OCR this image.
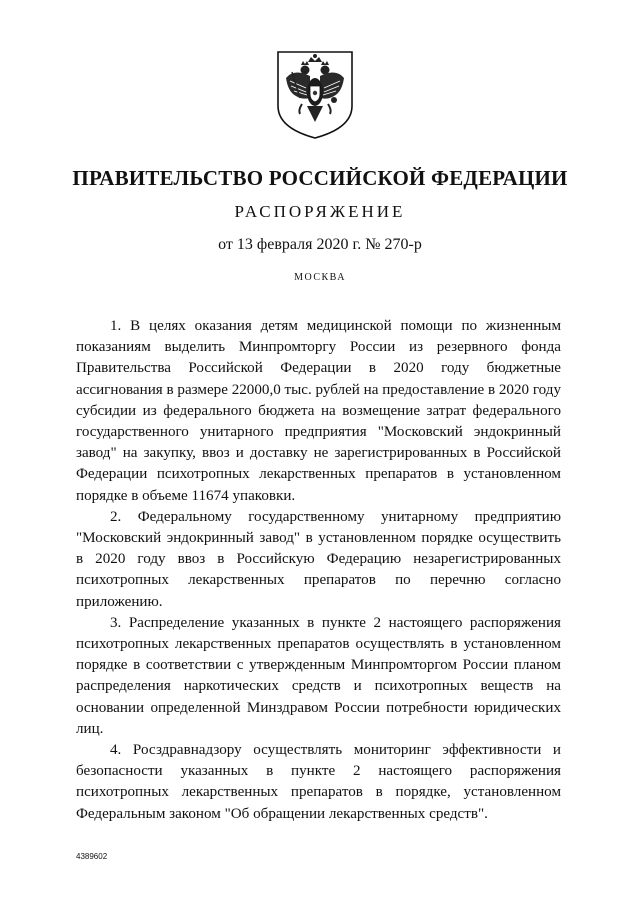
ПРАВИТЕЛЬСТВО РОССИЙСКОЙ ФЕДЕРАЦИИ
РАСПОРЯЖЕНИЕ
от 13 февраля 2020 г. № 270-р
МОСКВА

1. В целях оказания детям медицинской помощи по жизненным показаниям выделить Минпромторгу России из резервного фонда Правительства Российской Федерации в 2020 году бюджетные ассигнования в размере 22000,0 тыс. рублей на предоставление в 2020 году субсидии из федерального бюджета на возмещение затрат федерального государственного унитарного предприятия "Московский эндокринный завод" на закупку, ввоз и доставку не зарегистрированных в Российской Федерации психотропных лекарственных препаратов в установленном порядке в объеме 11674 упаковки.

2. Федеральному государственному унитарному предприятию "Московский эндокринный завод" в установленном порядке осуществить в 2020 году ввоз в Российскую Федерацию незарегистрированных психотропных лекарственных препаратов по перечню согласно приложению.

3. Распределение указанных в пункте 2 настоящего распоряжения психотропных лекарственных препаратов осуществлять в установленном порядке в соответствии с утвержденным Минпромторгом России планом распределения наркотических средств и психотропных веществ на основании определенной Минздравом России потребности юридических лиц.

4. Росздравнадзору осуществлять мониторинг эффективности и безопасности указанных в пункте 2 настоящего распоряжения психотропных лекарственных препаратов в порядке, установленном Федеральным законом "Об обращении лекарственных средств".

4389602
